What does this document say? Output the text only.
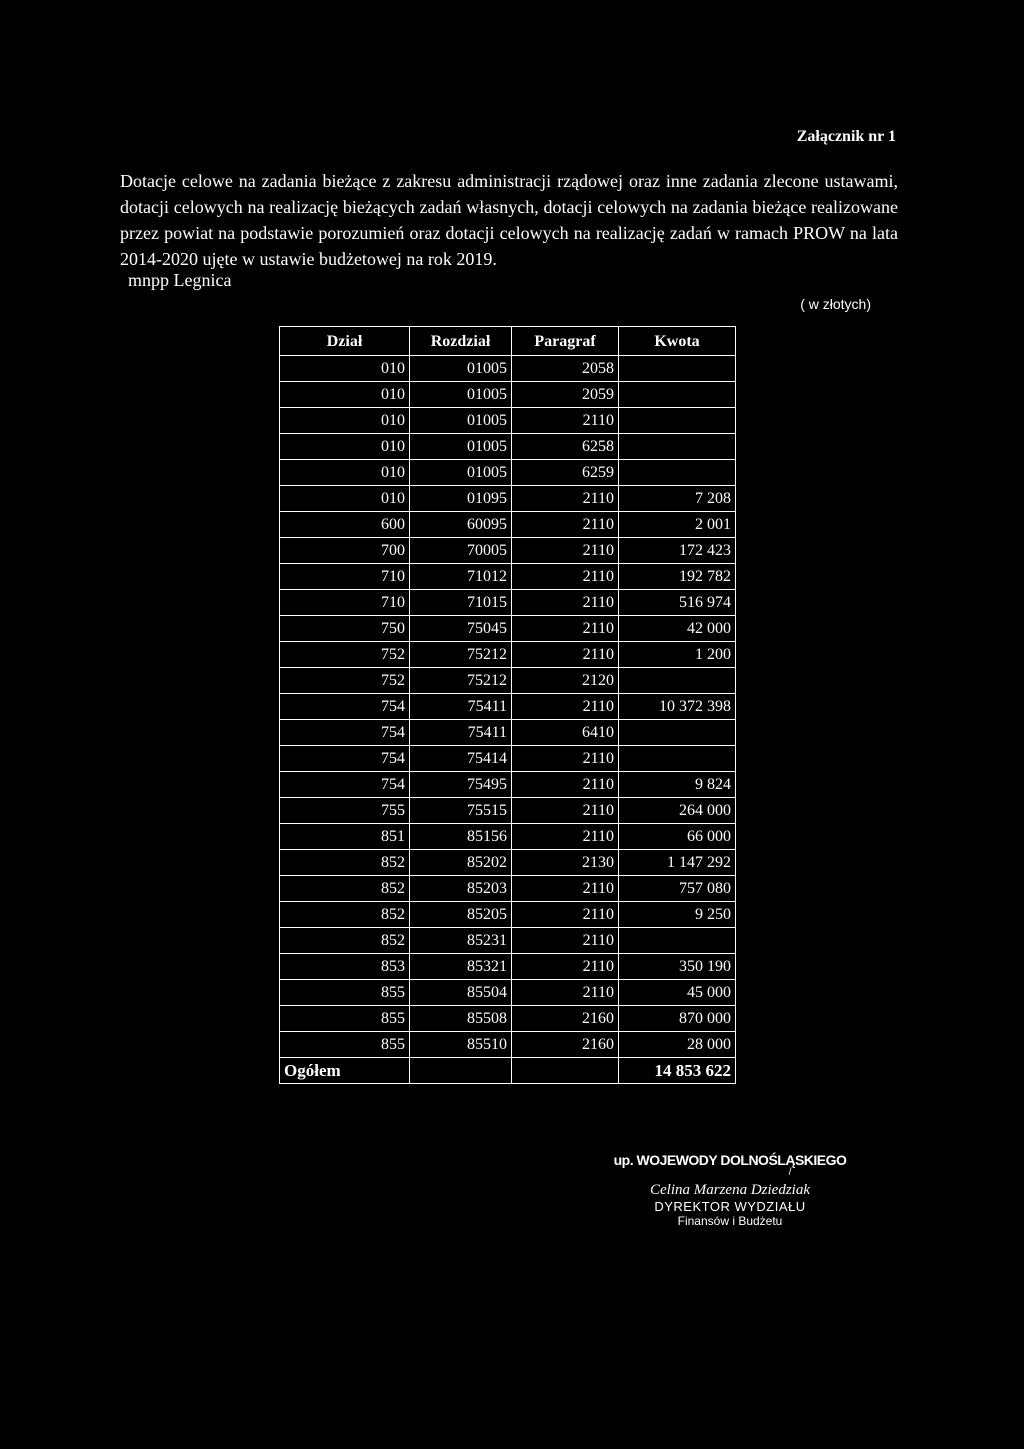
Załącznik nr 1
Dotacje celowe na zadania bieżące z zakresu administracji rządowej oraz inne zadania zlecone ustawami, dotacji celowych na realizację bieżących zadań własnych, dotacji celowych na zadania bieżące realizowane przez powiat na podstawie porozumień oraz dotacji celowych na realizację zadań w ramach PROW na lata 2014-2020 ujęte w ustawie budżetowej na rok 2019.
mnpp Legnica
( w złotych)
Dział	Rozdział	Paragraf	Kwota
010	01005	2058	
010	01005	2059	
010	01005	2110	
010	01005	6258	
010	01005	6259	
010	01095	2110	7 208
600	60095	2110	2 001
700	70005	2110	172 423
710	71012	2110	192 782
710	71015	2110	516 974
750	75045	2110	42 000
752	75212	2110	1 200
752	75212	2120	
754	75411	2110	10 372 398
754	75411	6410	
754	75414	2110	
754	75495	2110	9 824
755	75515	2110	264 000
851	85156	2110	66 000
852	85202	2130	1 147 292
852	85203	2110	757 080
852	85205	2110	9 250
852	85231	2110	
853	85321	2110	350 190
855	85504	2110	45 000
855	85508	2160	870 000
855	85510	2160	28 000
Ogółem			14 853 622
up. WOJEWODY DOLNOŚLĄSKIEGO
/
Celina Marzena Dziedziak
DYREKTOR WYDZIAŁU
Finansów i Budżetu
